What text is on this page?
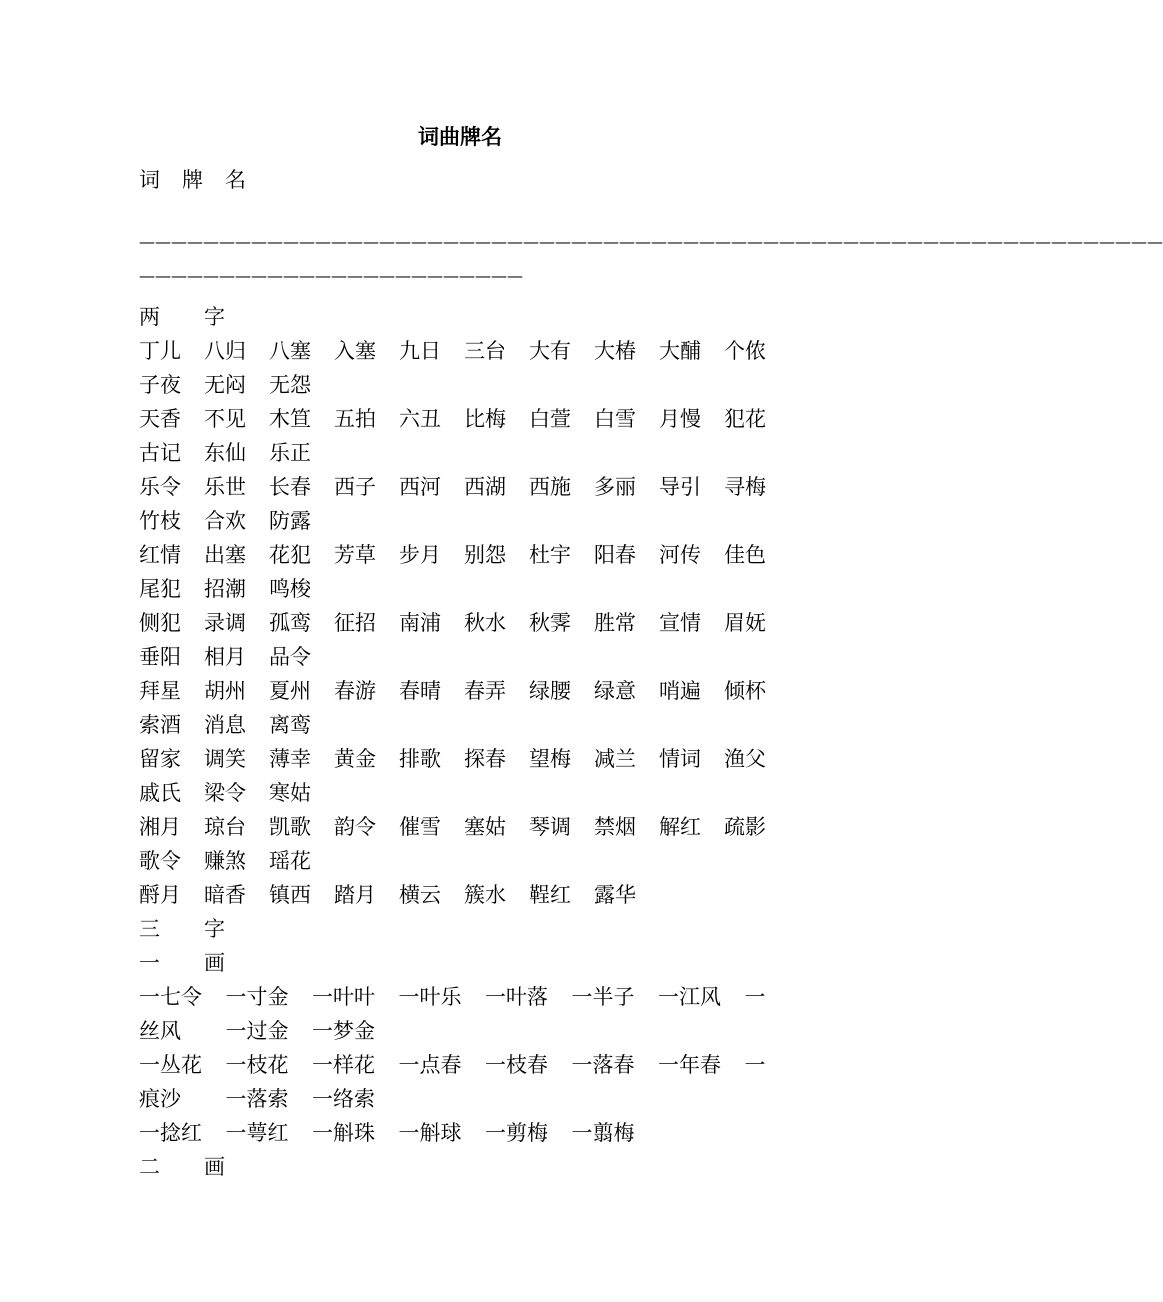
词曲牌名
词 牌 名
————————————————————————————————————————————————————————————————
————————————————————————
两 字
丁儿 八归 八塞 入塞 九日 三台 大有 大椿 大酺 个侬
子夜 无闷 无怨
天香 不见 木笪 五拍 六丑 比梅 白萱 白雪 月慢 犯花
古记 东仙 乐正
乐令 乐世 长春 西子 西河 西湖 西施 多丽 导引 寻梅
竹枝 合欢 防露
红情 出塞 花犯 芳草 步月 别怨 杜宇 阳春 河传 佳色
尾犯 招潮 鸣梭
侧犯 录调 孤鸾 征招 南浦 秋水 秋霁 胜常 宣情 眉妩
垂阳 相月 品令
拜星 胡州 夏州 春游 春晴 春弄 绿腰 绿意 哨遍 倾杯
索酒 消息 离鸾
留家 调笑 薄幸 黄金 排歌 探春 望梅 减兰 情词 渔父
戚氏 梁令 寒姑
湘月 琼台 凯歌 韵令 催雪 塞姑 琴调 禁烟 解红 疏影
歌令 赚煞 瑶花
酹月 暗香 镇西 踏月 横云 簇水 鞓红 露华
三 字
一 画
一七令 一寸金 一叶叶 一叶乐 一叶落 一半子 一江风 一
丝风 一过金 一梦金
一丛花 一枝花 一样花 一点春 一枝春 一落春 一年春 一
痕沙 一落索 一络索
一捻红 一萼红 一斛珠 一斛球 一剪梅 一翦梅
二 画
